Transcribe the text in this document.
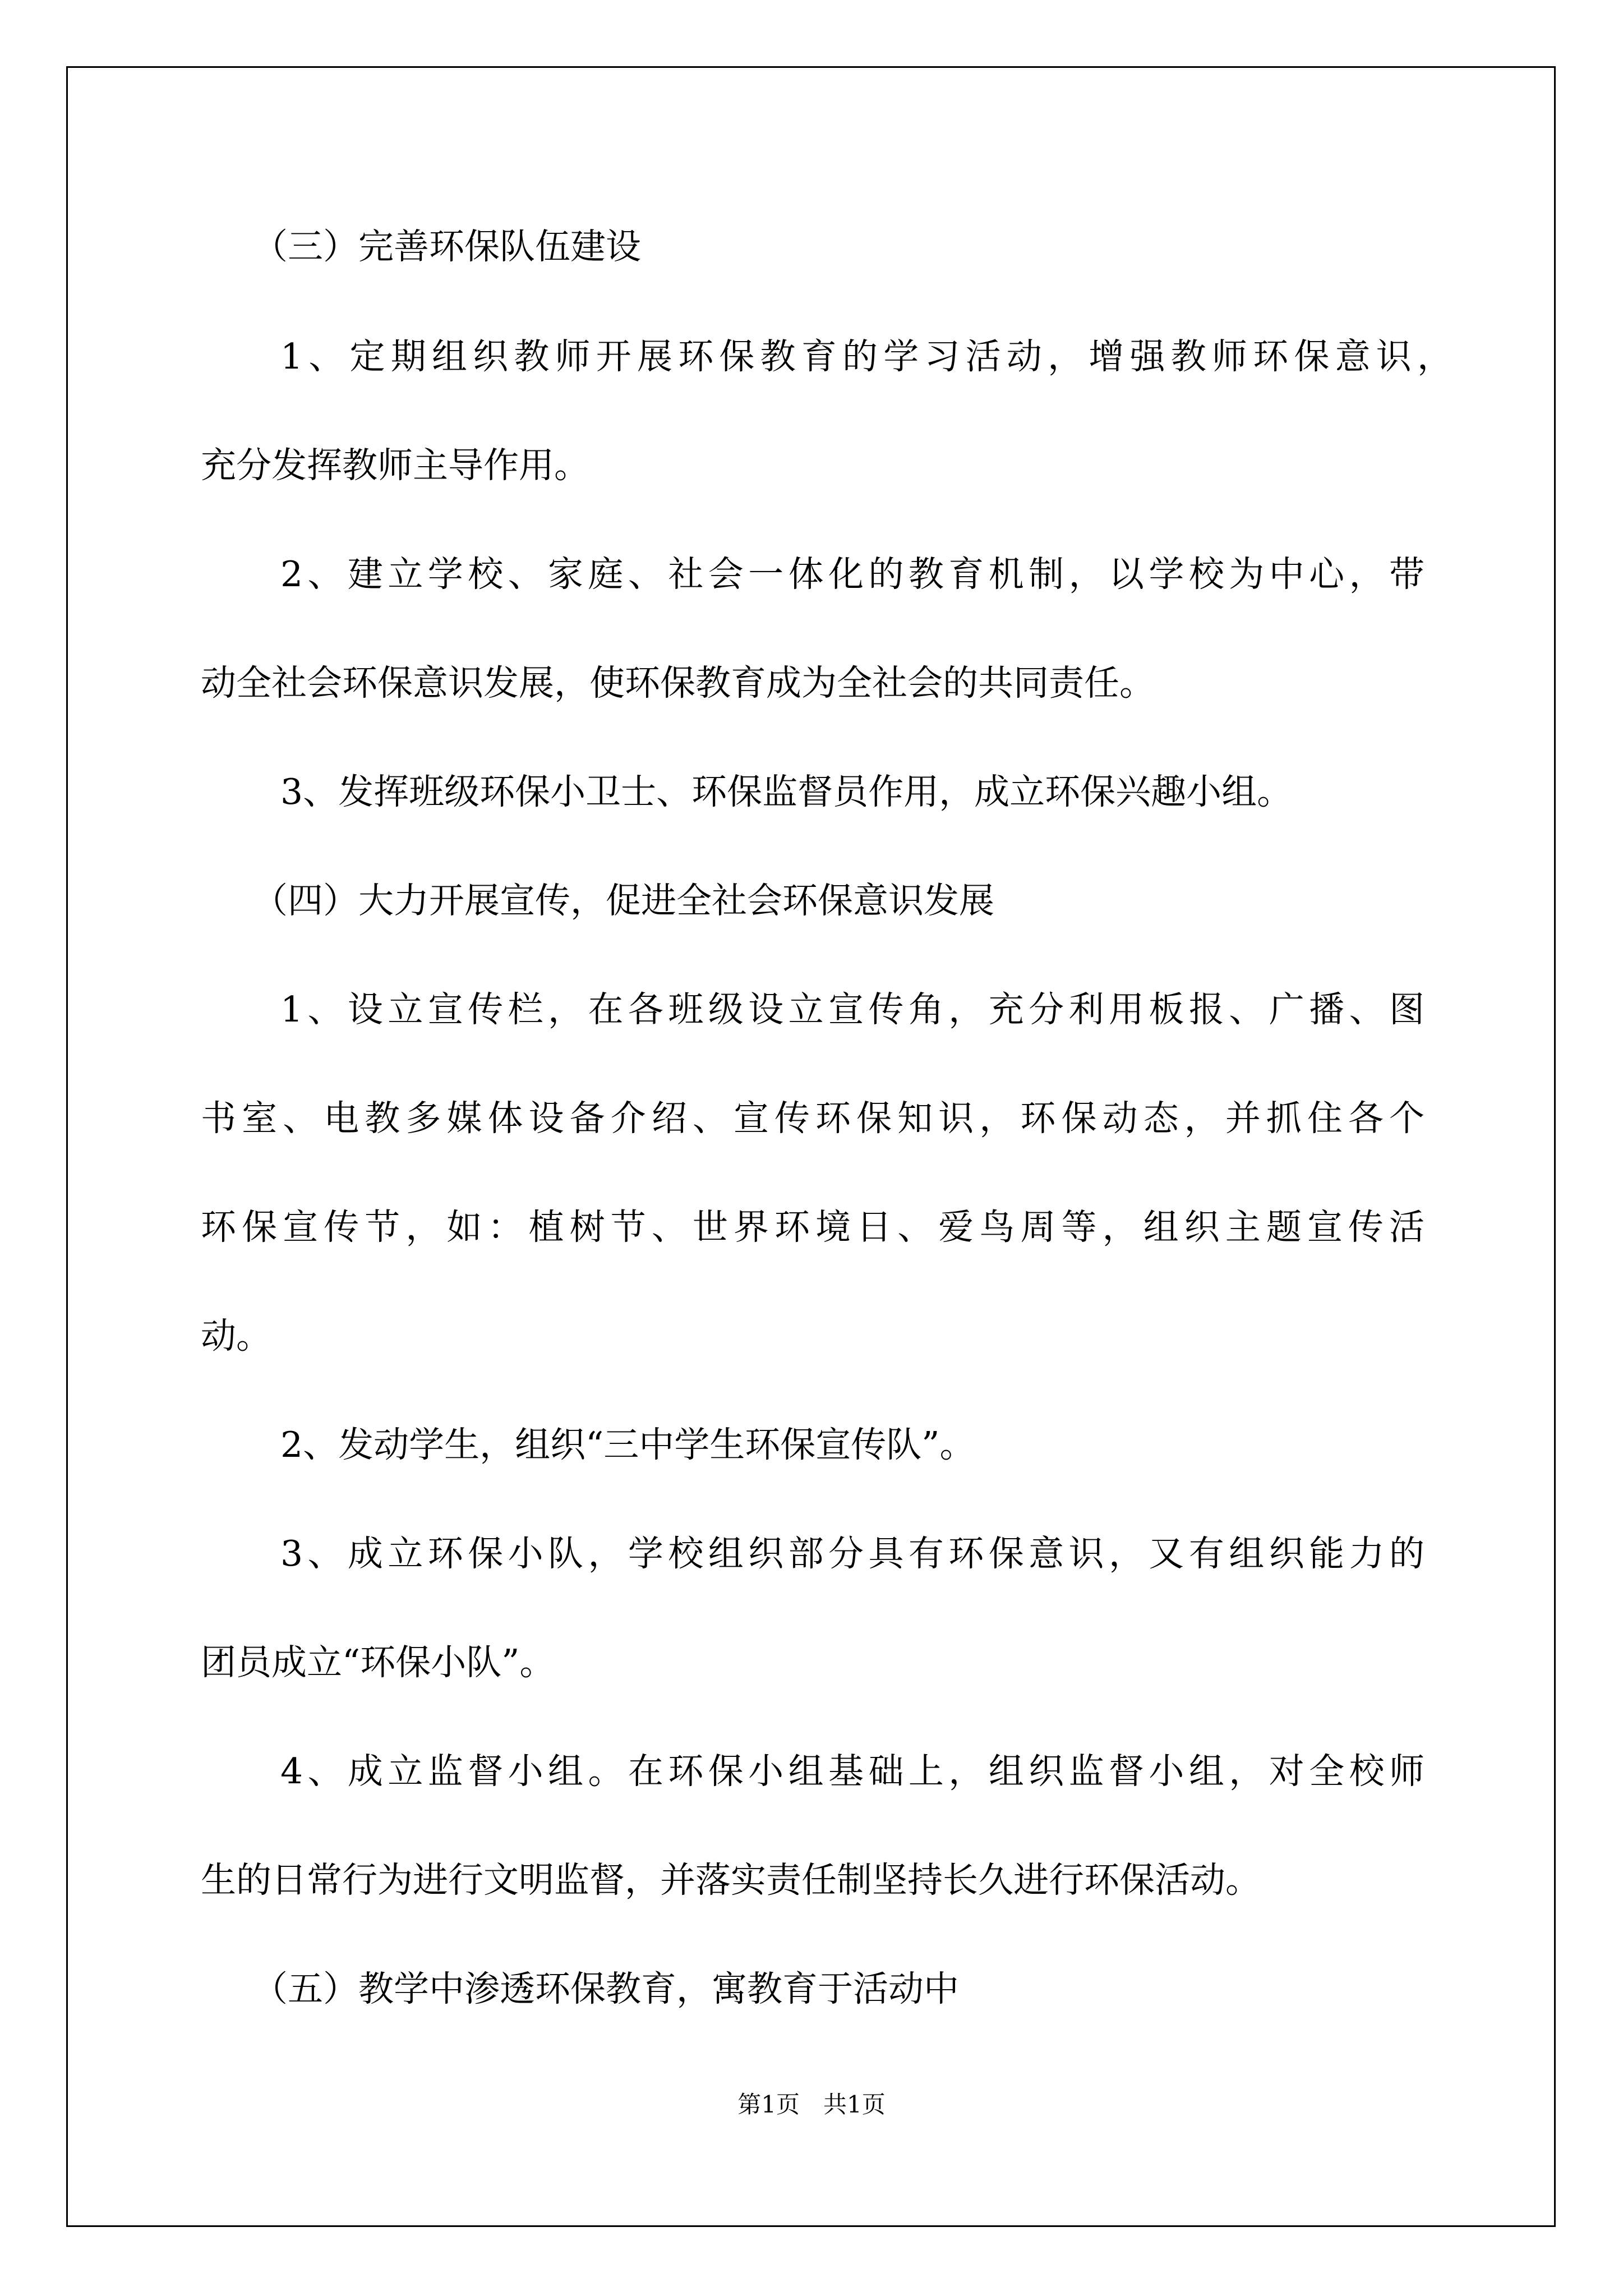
（三）完善环保队伍建设
1、定期组织教师开展环保教育的学习活动，增强教师环保意识，
充分发挥教师主导作用。
2、建立学校、家庭、社会一体化的教育机制，以学校为中心，带
动全社会环保意识发展，使环保教育成为全社会的共同责任。
3、发挥班级环保小卫士、环保监督员作用，成立环保兴趣小组。
（四）大力开展宣传，促进全社会环保意识发展
1、设立宣传栏，在各班级设立宣传角，充分利用板报、广播、图
书室、电教多媒体设备介绍、宣传环保知识，环保动态，并抓住各个
环保宣传节，如：植树节、世界环境日、爱鸟周等，组织主题宣传活
动。
2、发动学生，组织“三中学生环保宣传队”。
3、成立环保小队，学校组织部分具有环保意识，又有组织能力的
团员成立“环保小队”。
4、成立监督小组。在环保小组基础上，组织监督小组，对全校师
生的日常行为进行文明监督，并落实责任制坚持长久进行环保活动。
（五）教学中渗透环保教育，寓教育于活动中
第1页　共1页
